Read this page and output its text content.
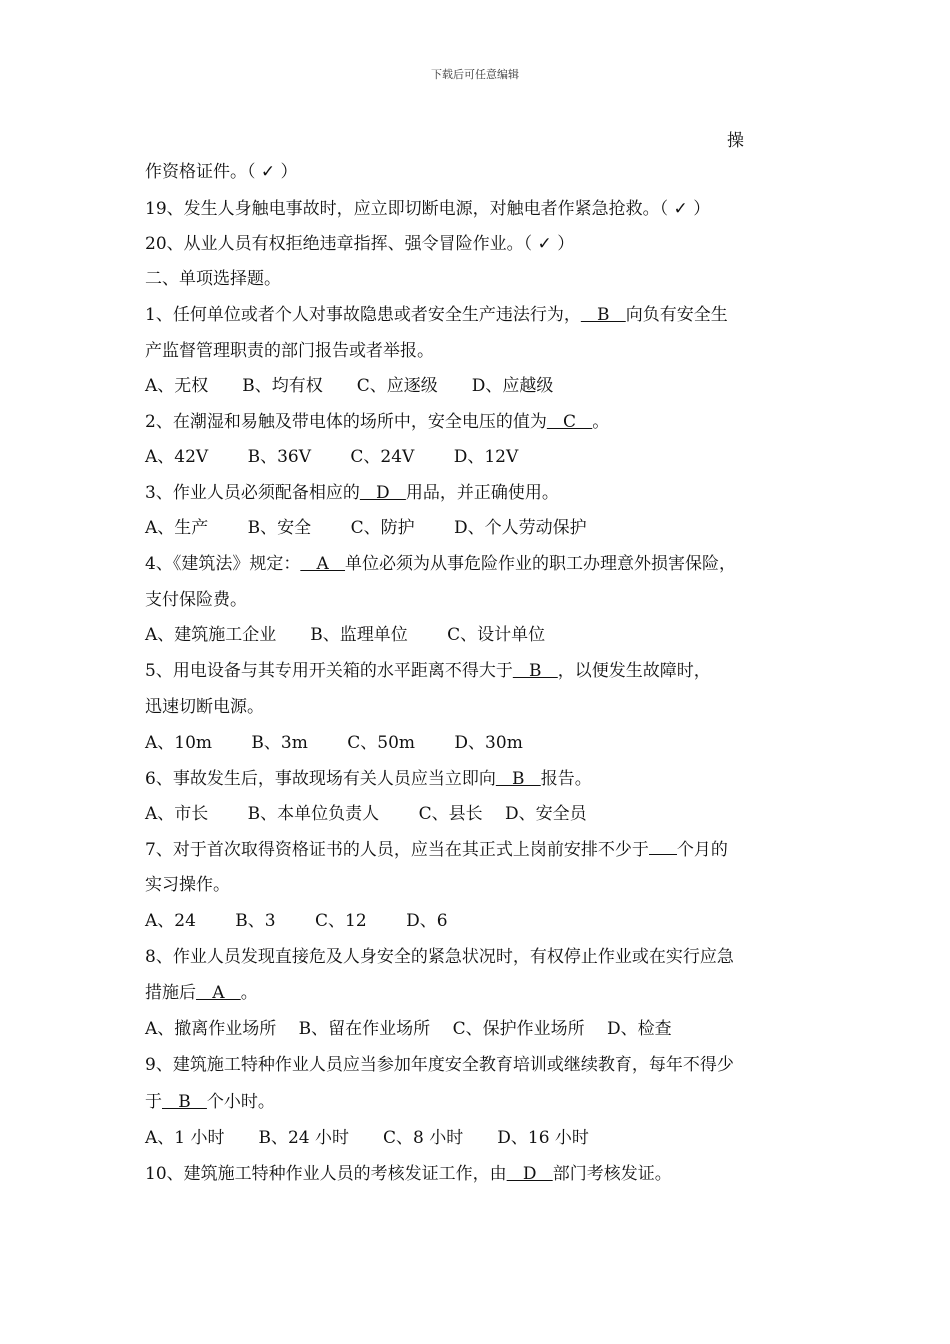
下载后可任意编辑
操
作资格证件。（ ✓ ）
19、发生人身触电事故时，应立即切断电源，对触电者作紧急抢救。（ ✓ ）
20、从业人员有权拒绝违章指挥、强令冒险作业。（ ✓ ）
二、单项选择题。
1、任何单位或者个人对事故隐患或者安全生产违法行为，   B   向负有安全生
产监督管理职责的部门报告或者举报。
A、无权　　B、均有权　　C、应逐级　　D、应越级
2、在潮湿和易触及带电体的场所中，安全电压的值为   C   。
A、42V　　 B、36V　　 C、24V　　 D、12V
3、作业人员必须配备相应的   D   用品，并正确使用。
A、生产　　 B、安全　　 C、防护　　 D、个人劳动保护
4、《建筑法》规定：   A   单位必须为从事危险作业的职工办理意外损害保险，
支付保险费。
A、建筑施工企业　　B、监理单位　　 C、设计单位
5、用电设备与其专用开关箱的水平距离不得大于   B   ，以便发生故障时，
迅速切断电源。
A、10m　　 B、3m　　 C、50m　　 D、30m
6、事故发生后，事故现场有关人员应当立即向   B   报告。
A、市长　　 B、本单位负责人　　 C、县长　 D、安全员
7、对于首次取得资格证书的人员，应当在其正式上岗前安排不少于 个月的
实习操作。
A、24　　 B、3　　 C、12　　 D、6
8、作业人员发现直接危及人身安全的紧急状况时，有权停止作业或在实行应急
措施后   A   。
A、撤离作业场所　 B、留在作业场所　 C、保护作业场所　 D、检查
9、建筑施工特种作业人员应当参加年度安全教育培训或继续教育，每年不得少
于   B   个小时。
A、1 小时　　B、24 小时　　C、8 小时　　D、16 小时
10、建筑施工特种作业人员的考核发证工作，由   D   部门考核发证。
